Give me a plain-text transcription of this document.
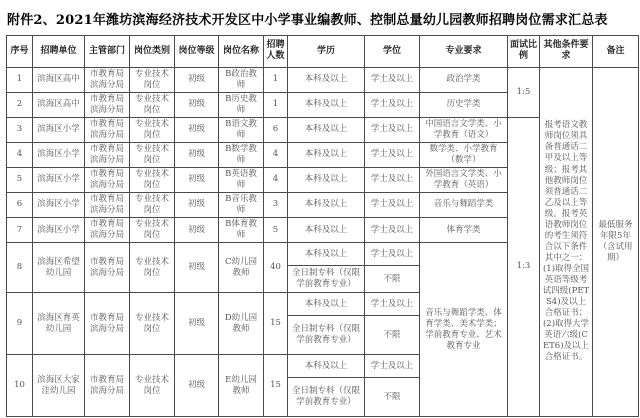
附件2、2021年潍坊滨海经济技术开发区中小学事业编教师、控制总量幼儿园教师招聘岗位需求汇总表
序号	招聘单位	主管部门	岗位类别	岗位等级	岗位名称	招聘人数	学历	学位	专业要求	面试比例	其他条件要求	备注
1	滨海区高中	市教育局滨海分局	专业技术岗位	初级	B政治教师	1	本科及以上	学士及以上	政治学类	1:5	报考语文教师岗位须具备普通话二甲及以上等级；报考其他教师岗位须普通话二乙及以上等级。报考英语教师岗位的考生须符合以下条件其中之一：(1)取得全国英语等级考试四级(PETS4)及以上合格证书；(2)取得大学英语六级(CET6)及以上合格证书。	最低服务年限5年（含试用期）
2	滨海区高中	市教育局滨海分局	专业技术岗位	初级	B历史教师	1	本科及以上	学士及以上	历史学类			
3	滨海区小学	市教育局滨海分局	专业技术岗位	初级	B语文教师	6	本科及以上	学士及以上	中国语言文学类、小学教育（语文）	1:3		
4	滨海区小学	市教育局滨海分局	专业技术岗位	初级	B数学教师	4	本科及以上	学士及以上	数学类、小学教育（数学）			
5	滨海区小学	市教育局滨海分局	专业技术岗位	初级	B英语教师	4	本科及以上	学士及以上	外国语言文学类、小学教育（英语）			
6	滨海区小学	市教育局滨海分局	专业技术岗位	初级	B音乐教师	3	本科及以上	学士及以上	音乐与舞蹈学类			
7	滨海区小学	市教育局滨海分局	专业技术岗位	初级	B体育教师	5	本科及以上	学士及以上	体育学类			
8	滨海区希望幼儿园	市教育局滨海分局	专业技术岗位	初级	C幼儿园教师	40	本科及以上	学士及以上	音乐与舞蹈学类、体育学类、美术学类；学前教育专业、艺术教育专业			
							全日制专科（仅限学前教育专业）	不限				
9	滨海区育英幼儿园	市教育局滨海分局	专业技术岗位	初级	D幼儿园教师	15	本科及以上	学士及以上				
							全日制专科（仅限学前教育专业）	不限				
10	滨海区大家洼幼儿园	市教育局滨海分局	专业技术岗位	初级	E幼儿园教师	15	本科及以上	学士及以上				
							全日制专科（仅限学前教育专业）	不限				
